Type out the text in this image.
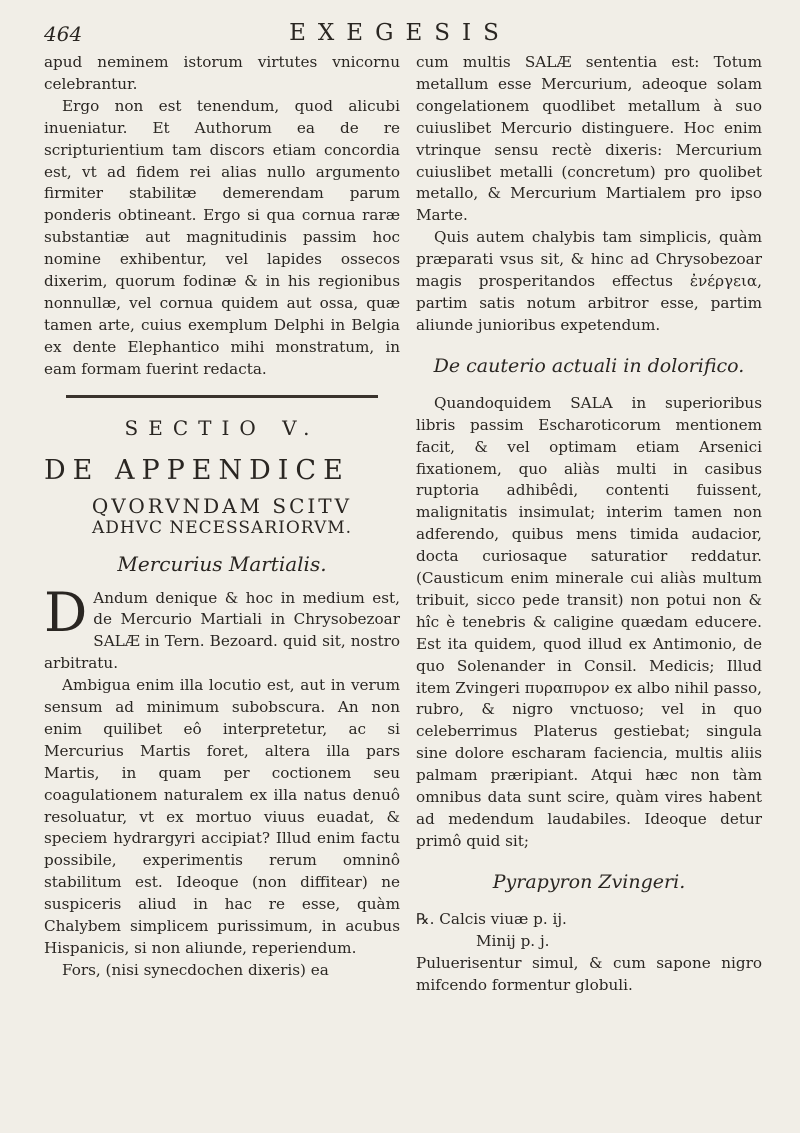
464	EXEGESIS

apud neminem istorum virtutes vnicornu celebrantur.

Ergo non est tenendum, quod alicubi inueniatur. Et Authorum ea de re scripturientium tam discors etiam concordia est, vt ad fidem rei alias nullo argumento firmiter stabilitæ demerendam parum ponderis obtineant. Ergo si qua cornua raræ substantiæ aut magnitudinis passim hoc nomine exhibentur, vel lapides ossecos dixerim, quorum fodinæ & in his regionibus nonnullæ, vel cornua quidem aut ossa, quæ tamen arte, cuius exemplum Delphi in Belgia ex dente Elephantico mihi monstratum, in eam formam fuerint redacta.

SECTIO V.
DE APPENDICE
QVORVNDAM SCITV
ADHVC NECESSARIORVM.
Mercurius Martialis.

D Andum denique & hoc in medium est, de Mercurio Martiali in Chrysobezoar SALÆ in Tern. Bezoard. quid sit, nostro arbitratu.

Ambigua enim illa locutio est, aut in verum sensum ad minimum subobscura. An non enim quilibet eô interpretetur, ac si Mercurius Martis foret, altera illa pars Martis, in quam per coctionem seu coagulationem naturalem ex illa natus denuô resoluatur, vt ex mortuo viuus euadat, & speciem hydrargyri accipiat? Illud enim factu possibile, experimentis rerum omninô stabilitum est. Ideoque (non diffitear) ne suspiceris aliud in hac re esse, quàm Chalybem simplicem purissimum, in acubus Hispanicis, si non aliunde, reperiendum.

Fors, (nisi synecdochen dixeris) ea

cum multis SALÆ sententia est: Totum metallum esse Mercurium, adeoque solam congelationem quodlibet metallum à suo cuiuslibet Mercurio distinguere. Hoc enim vtrinque sensu rectè dixeris: Mercurium cuiuslibet metalli (concretum) pro quolibet metallo, & Mercurium Martialem pro ipso Marte.

Quis autem chalybis tam simplicis, quàm præparati vsus sit, & hinc ad Chrysobezoar magis prosperitandos effectus ἐνέργεια, partim satis notum arbitror esse, partim aliunde junioribus expetendum.

De cauterio actuali in dolorifico.

Quandoquidem SALA in superioribus libris passim Escharoticorum mentionem facit, & vel optimam etiam Arsenici fixationem, quo aliàs multi in casibus ruptoria adhibêdi, contenti fuissent, malignitatis insimulat; interim tamen non adferendo, quibus mens timida audacior, docta curiosaque saturatior reddatur. (Causticum enim minerale cui aliàs multum tribuit, sicco pede transit) non potui non & hîc è tenebris & caligine quædam educere. Est ita quidem, quod illud ex Antimonio, de quo Solenander in Consil. Medicis; Illud item Zvingeri πυραπυρον ex albo nihil passo, rubro, & nigro vnctuoso; vel in quo celeberrimus Platerus gestiebat; singula sine dolore escharam faciencia, multis aliis palmam præripiant. Atqui hæc non tàm omnibus data sunt scire, quàm vires habent ad medendum laudabiles. Ideoque detur primô quid sit;

Pyrapyron Zvingeri.

℞. Calcis viuæ p. ij.

Minij p. j.

Puluerisentur simul, & cum sapone nigro mifcendo formentur globuli.
